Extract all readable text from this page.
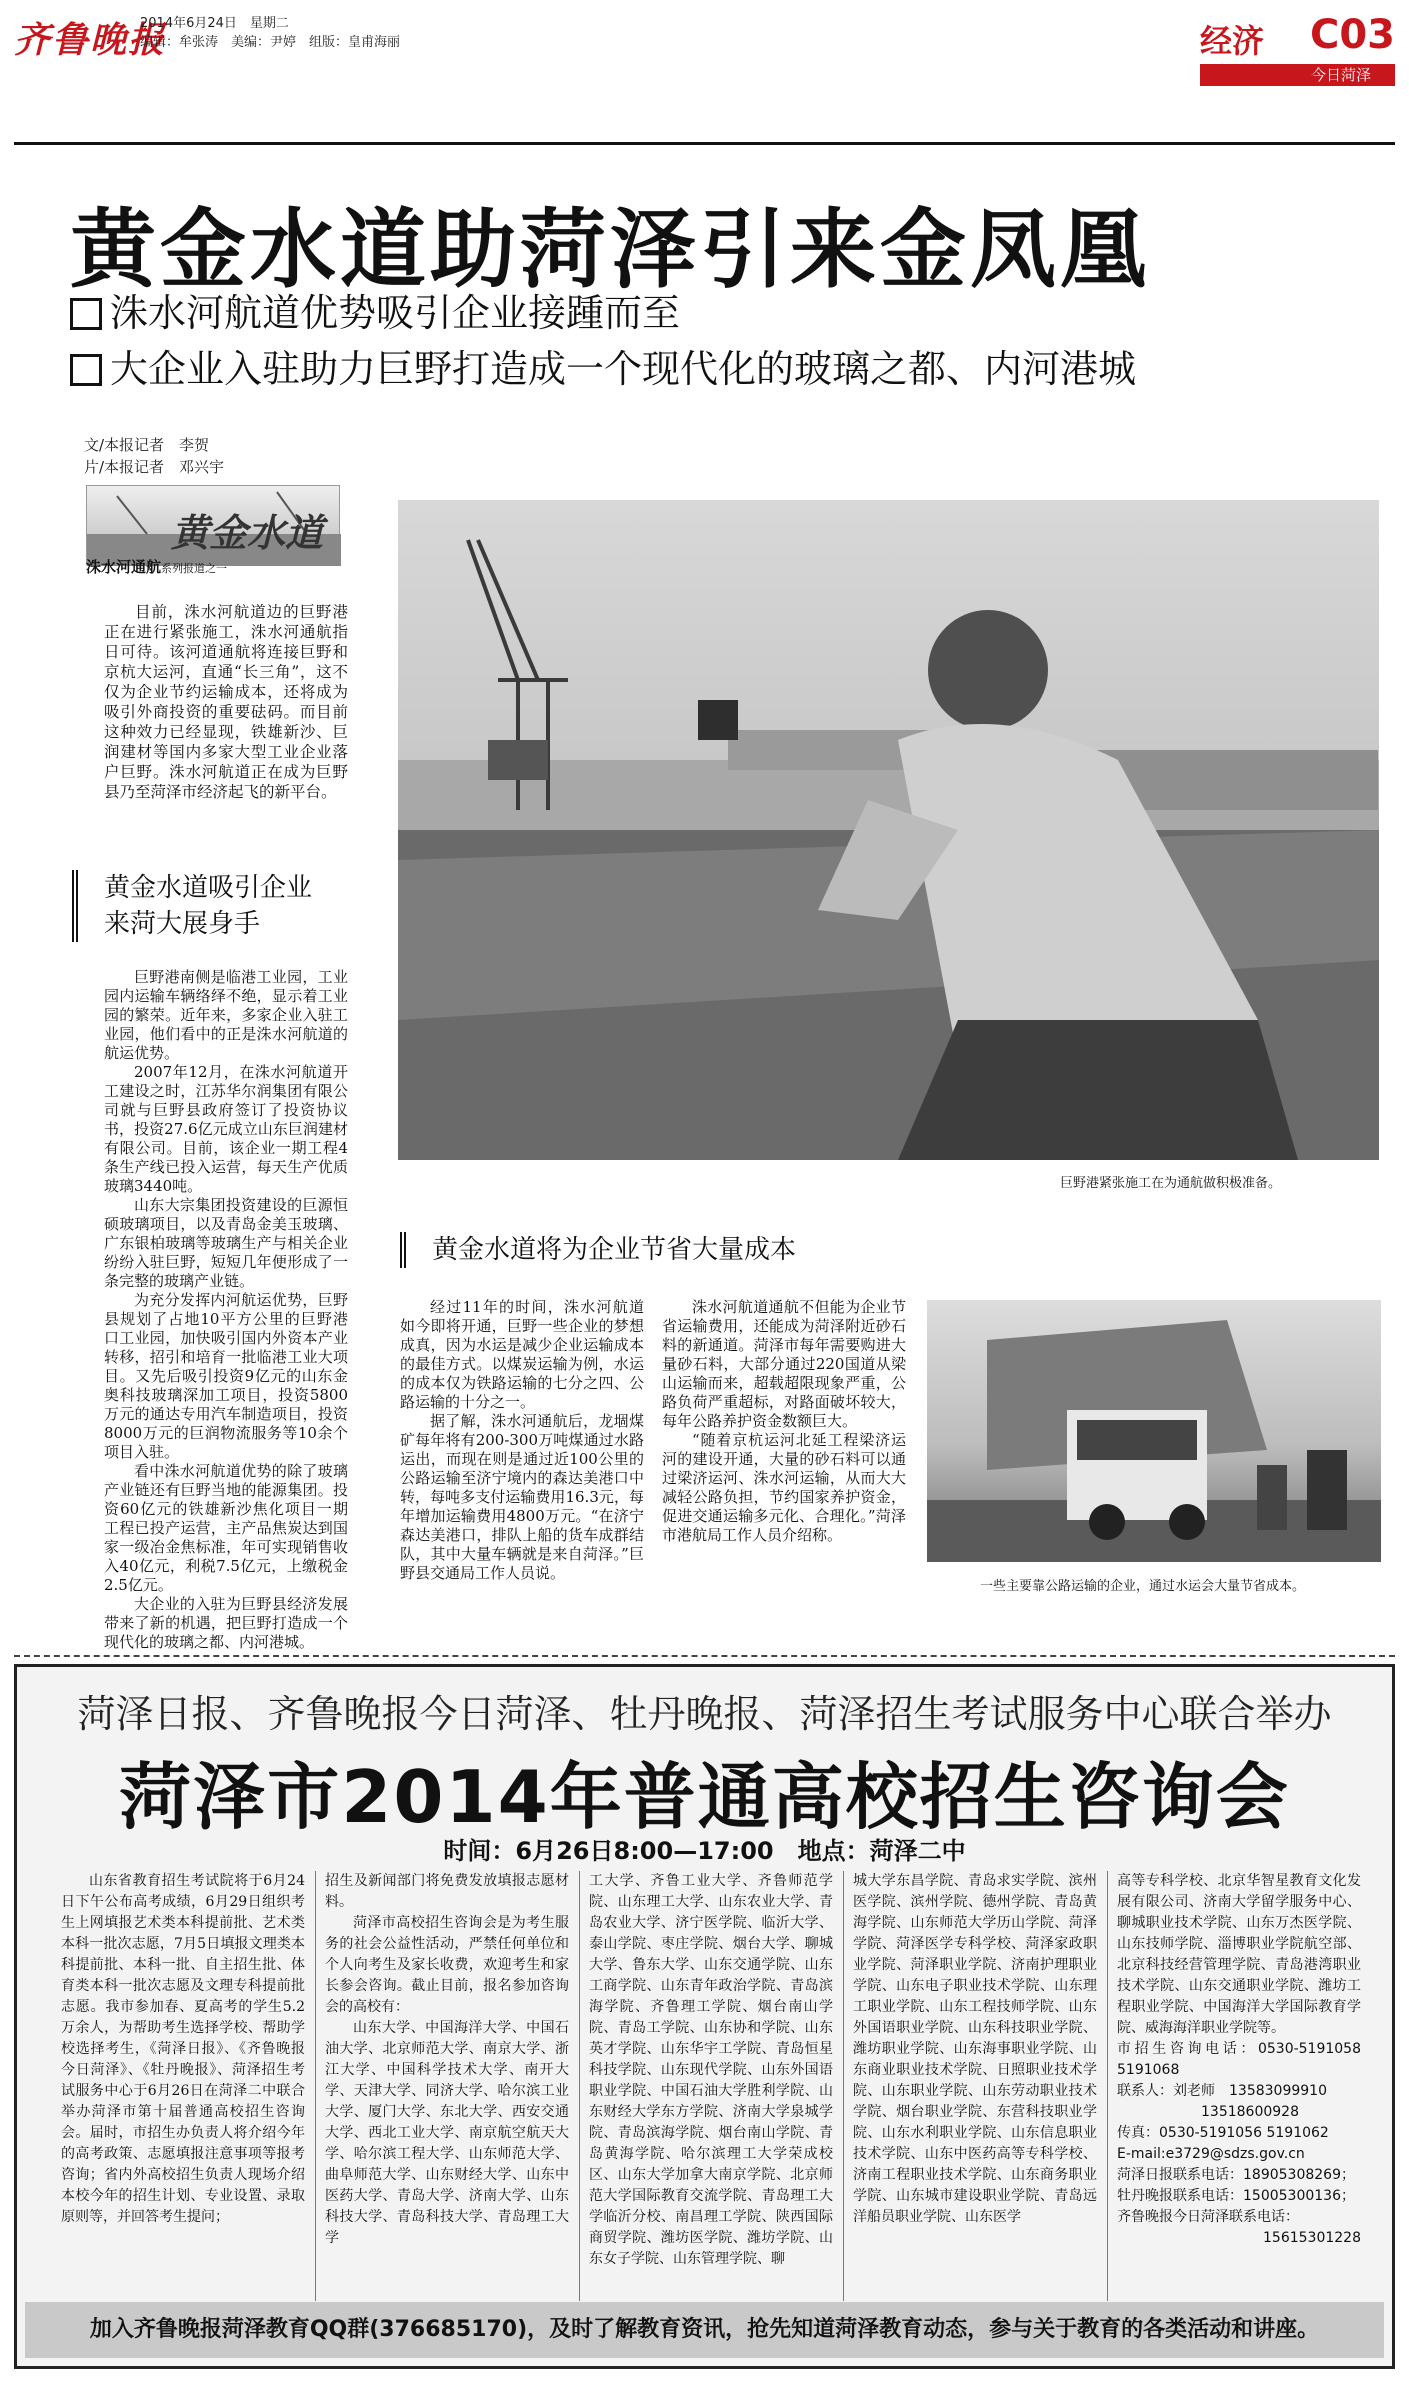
齐鲁晚报
2014年6月24日　星期二
编辑：牟张涛　美编：尹婷　组版：皇甫海丽	经济 C03
今日菏泽
黄金水道助菏泽引来金凤凰
洙水河航道优势吸引企业接踵而至
大企业入驻助力巨野打造成一个现代化的玻璃之都、内河港城
文/本报记者　李贺
片/本报记者　邓兴宇
黄金水道
洙水河通航系列报道之一

目前，洙水河航道边的巨野港正在进行紧张施工，洙水河通航指日可待。该河道通航将连接巨野和京杭大运河，直通“长三角”，这不仅为企业节约运输成本，还将成为吸引外商投资的重要砝码。而目前这种效力已经显现，铁雄新沙、巨润建材等国内多家大型工业企业落户巨野。洙水河航道正在成为巨野县乃至菏泽市经济起飞的新平台。

黄金水道吸引企业
来菏大展身手

巨野港南侧是临港工业园，工业园内运输车辆络绎不绝，显示着工业园的繁荣。近年来，多家企业入驻工业园，他们看中的正是洙水河航道的航运优势。

2007年12月，在洙水河航道开工建设之时，江苏华尔润集团有限公司就与巨野县政府签订了投资协议书，投资27.6亿元成立山东巨润建材有限公司。目前，该企业一期工程4条生产线已投入运营，每天生产优质玻璃3440吨。

山东大宗集团投资建设的巨源恒硕玻璃项目，以及青岛金美玉玻璃、广东银柏玻璃等玻璃生产与相关企业纷纷入驻巨野，短短几年便形成了一条完整的玻璃产业链。

为充分发挥内河航运优势，巨野县规划了占地10平方公里的巨野港口工业园，加快吸引国内外资本产业转移，招引和培育一批临港工业大项目。又先后吸引投资9亿元的山东金奥科技玻璃深加工项目，投资5800万元的通达专用汽车制造项目，投资8000万元的巨润物流服务等10余个项目入驻。

看中洙水河航道优势的除了玻璃产业链还有巨野当地的能源集团。投资60亿元的铁雄新沙焦化项目一期工程已投产运营，主产品焦炭达到国家一级冶金焦标准，年可实现销售收入40亿元，利税7.5亿元，上缴税金2.5亿元。

大企业的入驻为巨野县经济发展带来了新的机遇，把巨野打造成一个现代化的玻璃之都、内河港城。

巨野港紧张施工在为通航做积极准备。
黄金水道将为企业节省大量成本

经过11年的时间，洙水河航道如今即将开通，巨野一些企业的梦想成真，因为水运是减少企业运输成本的最佳方式。以煤炭运输为例，水运的成本仅为铁路运输的七分之四、公路运输的十分之一。

据了解，洙水河通航后，龙堌煤矿每年将有200-300万吨煤通过水路运出，而现在则是通过近100公里的公路运输至济宁境内的森达美港口中转，每吨多支付运输费用16.3元，每年增加运输费用4800万元。“在济宁森达美港口，排队上船的货车成群结队，其中大量车辆就是来自菏泽。”巨野县交通局工作人员说。

洙水河航道通航不但能为企业节省运输费用，还能成为菏泽附近砂石料的新通道。菏泽市每年需要购进大量砂石料，大部分通过220国道从梁山运输而来，超载超限现象严重，公路负荷严重超标，对路面破坏较大，每年公路养护资金数额巨大。

“随着京杭运河北延工程梁济运河的建设开通，大量的砂石料可以通过梁济运河、洙水河运输，从而大大减轻公路负担，节约国家养护资金，促进交通运输多元化、合理化。”菏泽市港航局工作人员介绍称。

一些主要靠公路运输的企业，通过水运会大量节省成本。
菏泽日报、齐鲁晚报今日菏泽、牡丹晚报、菏泽招生考试服务中心联合举办
菏泽市2014年普通高校招生咨询会
时间：6月26日8:00—17:00　地点：菏泽二中

山东省教育招生考试院将于6月24日下午公布高考成绩，6月29日组织考生上网填报艺术类本科提前批、艺术类本科一批次志愿，7月5日填报文理类本科提前批、本科一批、自主招生批、体育类本科一批次志愿及文理专科提前批志愿。我市参加春、夏高考的学生5.2万余人，为帮助考生选择学校、帮助学校选择考生，《菏泽日报》、《齐鲁晚报今日菏泽》、《牡丹晚报》、菏泽招生考试服务中心于6月26日在菏泽二中联合举办菏泽市第十届普通高校招生咨询会。届时，市招生办负责人将介绍今年的高考政策、志愿填报注意事项等报考咨询；省内外高校招生负责人现场介绍本校今年的招生计划、专业设置、录取原则等，并回答考生提问；

招生及新闻部门将免费发放填报志愿材料。

菏泽市高校招生咨询会是为考生服务的社会公益性活动，严禁任何单位和个人向考生及家长收费，欢迎考生和家长参会咨询。截止目前，报名参加咨询会的高校有：

山东大学、中国海洋大学、中国石油大学、北京师范大学、南京大学、浙江大学、中国科学技术大学、南开大学、天津大学、同济大学、哈尔滨工业大学、厦门大学、东北大学、西安交通大学、西北工业大学、南京航空航天大学、哈尔滨工程大学、山东师范大学、曲阜师范大学、山东财经大学、山东中医药大学、青岛大学、济南大学、山东科技大学、青岛科技大学、青岛理工大学

工大学、齐鲁工业大学、齐鲁师范学院、山东理工大学、山东农业大学、青岛农业大学、济宁医学院、临沂大学、泰山学院、枣庄学院、烟台大学、聊城大学、鲁东大学、山东交通学院、山东工商学院、山东青年政治学院、青岛滨海学院、齐鲁理工学院、烟台南山学院、青岛工学院、山东协和学院、山东英才学院、山东华宇工学院、青岛恒星科技学院、山东现代学院、山东外国语职业学院、中国石油大学胜利学院、山东财经大学东方学院、济南大学泉城学院、青岛滨海学院、烟台南山学院、青岛黄海学院、哈尔滨理工大学荣成校区、山东大学加拿大南京学院、北京师范大学国际教育交流学院、青岛理工大学临沂分校、南昌理工学院、陕西国际商贸学院、潍坊医学院、潍坊学院、山东女子学院、山东管理学院、聊

城大学东昌学院、青岛求实学院、滨州医学院、滨州学院、德州学院、青岛黄海学院、山东师范大学历山学院、菏泽学院、菏泽医学专科学校、菏泽家政职业学院、菏泽职业学院、济南护理职业学院、山东电子职业技术学院、山东理工职业学院、山东工程技师学院、山东外国语职业学院、山东科技职业学院、潍坊职业学院、山东海事职业学院、山东商业职业技术学院、日照职业技术学院、山东职业学院、山东劳动职业技术学院、烟台职业学院、东营科技职业学院、山东水利职业学院、山东信息职业技术学院、山东中医药高等专科学校、济南工程职业技术学院、山东商务职业学院、山东城市建设职业学院、青岛远洋船员职业学院、山东医学

高等专科学校、北京华智星教育文化发展有限公司、济南大学留学服务中心、聊城职业技术学院、山东万杰医学院、山东技师学院、淄博职业学院航空部、北京科技经营管理学院、青岛港湾职业技术学院、山东交通职业学院、潍坊工程职业学院、中国海洋大学国际教育学院、威海海洋职业学院等。

市招生咨询电话：0530-5191058　5191068
联系人：刘老师　13583099910
13518600928
传真：0530-5191056 5191062
E-mail:e3729@sdzs.gov.cn
菏泽日报联系电话：18905308269；
牡丹晚报联系电话：15005300136；
齐鲁晚报今日菏泽联系电话：
15615301228
加入齐鲁晚报菏泽教育QQ群(376685170)，及时了解教育资讯，抢先知道菏泽教育动态，参与关于教育的各类活动和讲座。
